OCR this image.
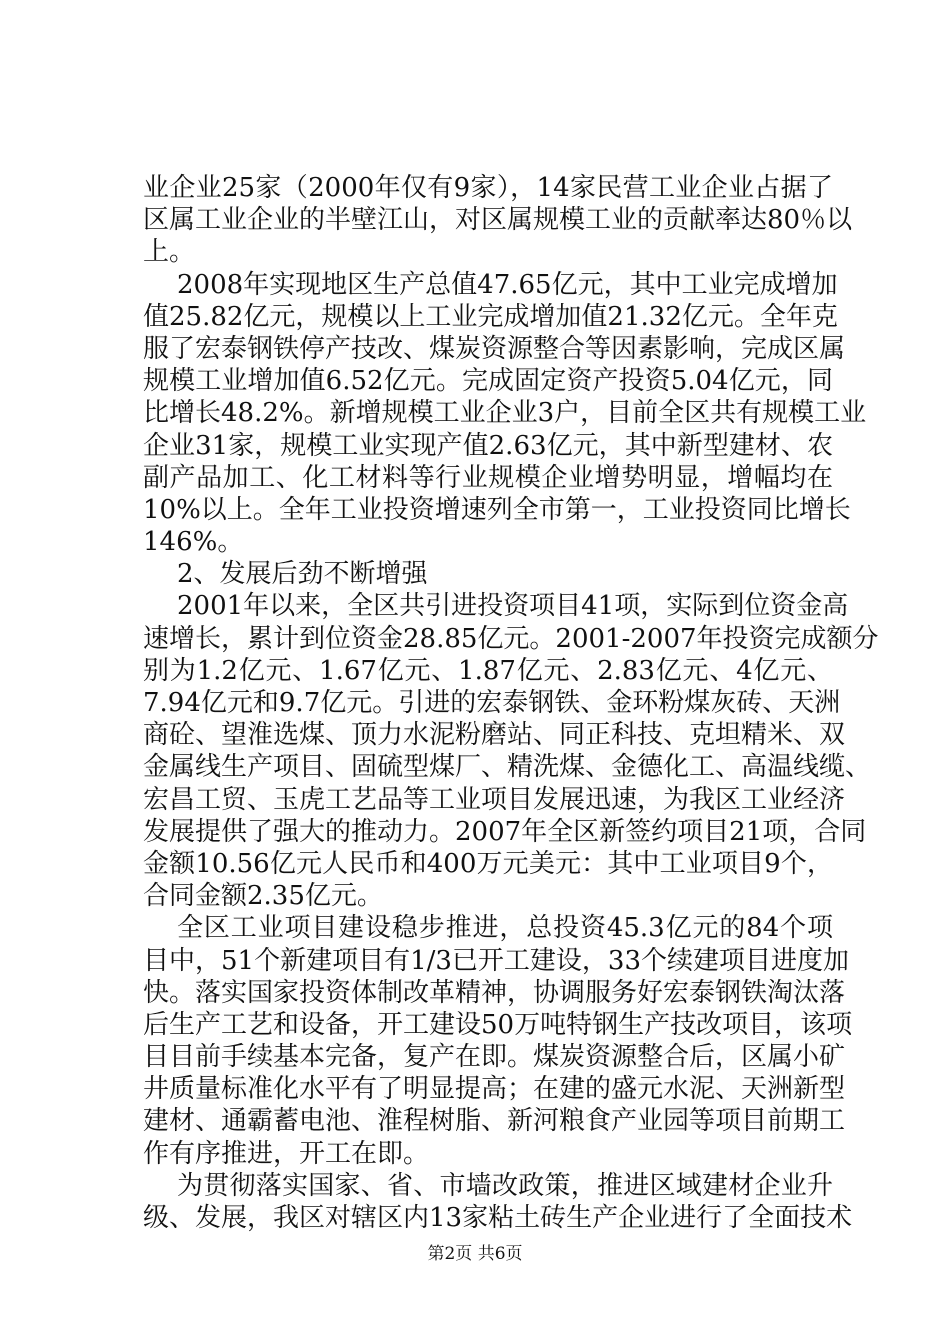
业企业25家（2000年仅有9家），14家民营工业企业占据了
区属工业企业的半壁江山，对区属规模工业的贡献率达80％以
上。
2008年实现地区生产总值47.65亿元，其中工业完成增加
值25.82亿元，规模以上工业完成增加值21.32亿元。全年克
服了宏泰钢铁停产技改、煤炭资源整合等因素影响，完成区属
规模工业增加值6.52亿元。完成固定资产投资5.04亿元，同
比增长48.2%。新增规模工业企业3户，目前全区共有规模工业
企业31家，规模工业实现产值2.63亿元，其中新型建材、农
副产品加工、化工材料等行业规模企业增势明显，增幅均在
10%以上。全年工业投资增速列全市第一，工业投资同比增长
146%。
2、发展后劲不断增强
2001年以来，全区共引进投资项目41项，实际到位资金高
速增长，累计到位资金28.85亿元。2001-2007年投资完成额分
别为1.2亿元、1.67亿元、1.87亿元、2.83亿元、4亿元、
7.94亿元和9.7亿元。引进的宏泰钢铁、金环粉煤灰砖、天洲
商砼、望淮选煤、顶力水泥粉磨站、同正科技、克坦精米、双
金属线生产项目、固硫型煤厂、精洗煤、金德化工、高温线缆、
宏昌工贸、玉虎工艺品等工业项目发展迅速，为我区工业经济
发展提供了强大的推动力。2007年全区新签约项目21项，合同
金额10.56亿元人民币和400万元美元：其中工业项目9个，
合同金额2.35亿元。
全区工业项目建设稳步推进，总投资45.3亿元的84个项
目中，51个新建项目有1/3已开工建设，33个续建项目进度加
快。落实国家投资体制改革精神，协调服务好宏泰钢铁淘汰落
后生产工艺和设备，开工建设50万吨特钢生产技改项目，该项
目目前手续基本完备，复产在即。煤炭资源整合后，区属小矿
井质量标准化水平有了明显提高；在建的盛元水泥、天洲新型
建材、通霸蓄电池、淮程树脂、新河粮食产业园等项目前期工
作有序推进，开工在即。
为贯彻落实国家、省、市墙改政策，推进区域建材企业升
级、发展，我区对辖区内13家粘土砖生产企业进行了全面技术
第2页 共6页
